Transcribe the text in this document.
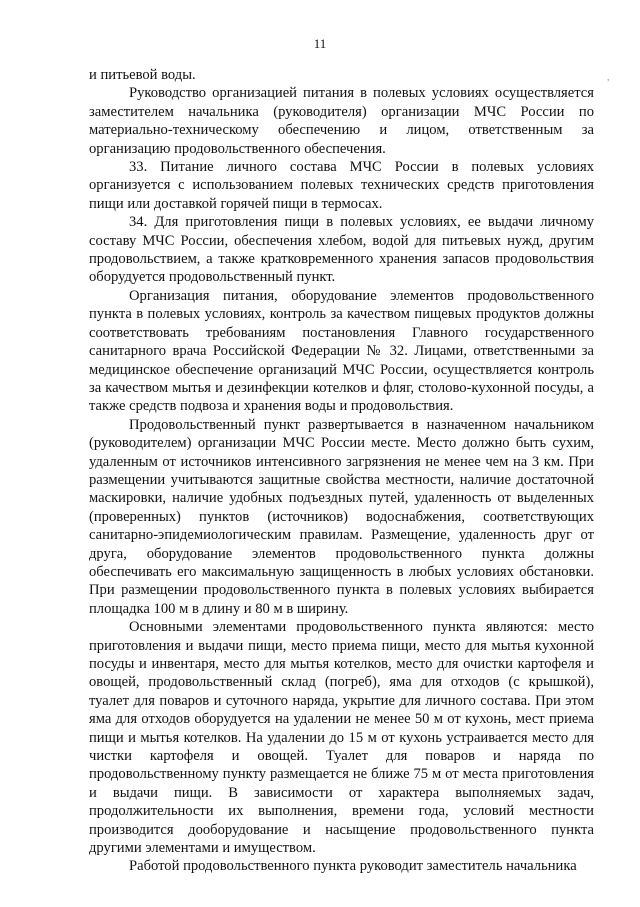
11
,

и питьевой воды.

Руководство организацией питания в полевых условиях осуществляется заместителем начальника (руководителя) организации МЧС России по материально-техническому обеспечению и лицом, ответственным за организацию продовольственного обеспечения.

33. Питание личного состава МЧС России в полевых условиях организуется с использованием полевых технических средств приготовления пищи или доставкой горячей пищи в термосах.

34. Для приготовления пищи в полевых условиях, ее выдачи личному составу МЧС России, обеспечения хлебом, водой для питьевых нужд, другим продовольствием, а также кратковременного хранения запасов продовольствия оборудуется продовольственный пункт.

Организация питания, оборудование элементов продовольственного пункта в полевых условиях, контроль за качеством пищевых продуктов должны соответствовать требованиям постановления Главного государственного санитарного врача Российской Федерации № 32. Лицами, ответственными за медицинское обеспечение организаций МЧС России, осуществляется контроль за качеством мытья и дезинфекции котелков и фляг, столово-кухонной посуды, а также средств подвоза и хранения воды и продовольствия.

Продовольственный пункт развертывается в назначенном начальником (руководителем) организации МЧС России месте. Место должно быть сухим, удаленным от источников интенсивного загрязнения не менее чем на 3 км. При размещении учитываются защитные свойства местности, наличие достаточной маскировки, наличие удобных подъездных путей, удаленность от выделенных (проверенных) пунктов (источников) водоснабжения, соответствующих санитарно-эпидемиологическим правилам. Размещение, удаленность друг от друга, оборудование элементов продовольственного пункта должны обеспечивать его максимальную защищенность в любых условиях обстановки. При размещении продовольственного пункта в полевых условиях выбирается площадка 100 м в длину и 80 м в ширину.

Основными элементами продовольственного пункта являются: место приготовления и выдачи пищи, место приема пищи, место для мытья кухонной посуды и инвентаря, место для мытья котелков, место для очистки картофеля и овощей, продовольственный склад (погреб), яма для отходов (с крышкой), туалет для поваров и суточного наряда, укрытие для личного состава. При этом яма для отходов оборудуется на удалении не менее 50 м от кухонь, мест приема пищи и мытья котелков. На удалении до 15 м от кухонь устраивается место для чистки картофеля и овощей. Туалет для поваров и наряда по продовольственному пункту размещается не ближе 75 м от места приготовления и выдачи пищи. В зависимости от характера выполняемых задач, продолжительности их выполнения, времени года, условий местности производится дооборудование и насыщение продовольственного пункта другими элементами и имуществом.

Работой продовольственного пункта руководит заместитель начальника
